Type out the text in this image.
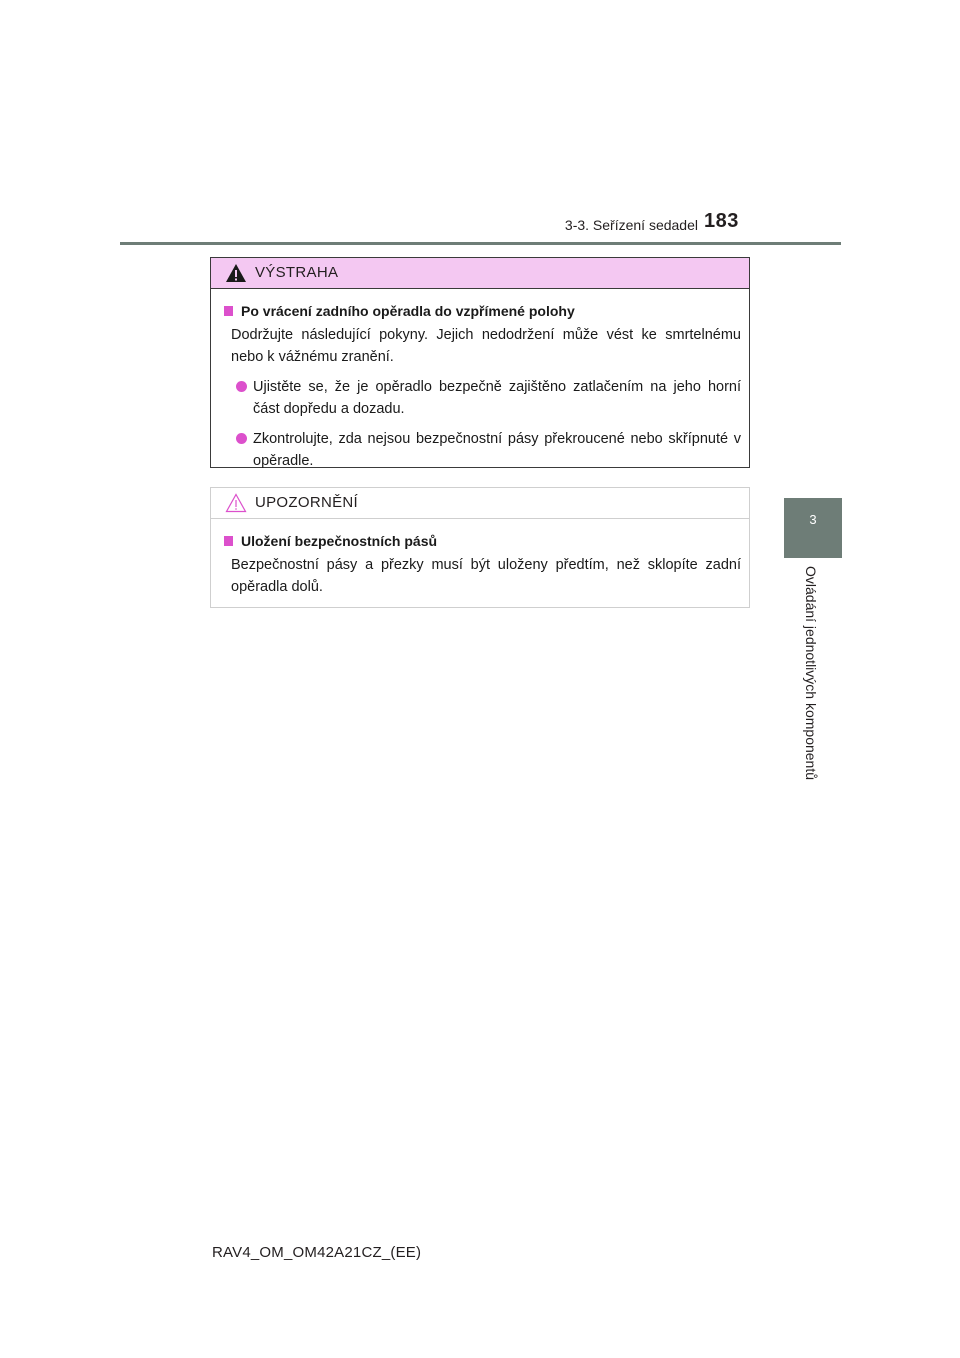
3-3. Seřízení sedadel 183
3
Ovládání jednotlivých komponentů
VÝSTRAHA
Po vrácení zadního opěradla do vzpřímené polohy
Dodržujte následující pokyny. Jejich nedodržení může vést ke smrtelnému nebo k vážnému zranění.
Ujistěte se, že je opěradlo bezpečně zajištěno zatlačením na jeho horní část dopředu a dozadu.
Zkontrolujte, zda nejsou bezpečnostní pásy překroucené nebo skřípnuté v opěradle.
UPOZORNĚNÍ
Uložení bezpečnostních pásů
Bezpečnostní pásy a přezky musí být uloženy předtím, než sklopíte zadní opěradla dolů.
RAV4_OM_OM42A21CZ_(EE)
